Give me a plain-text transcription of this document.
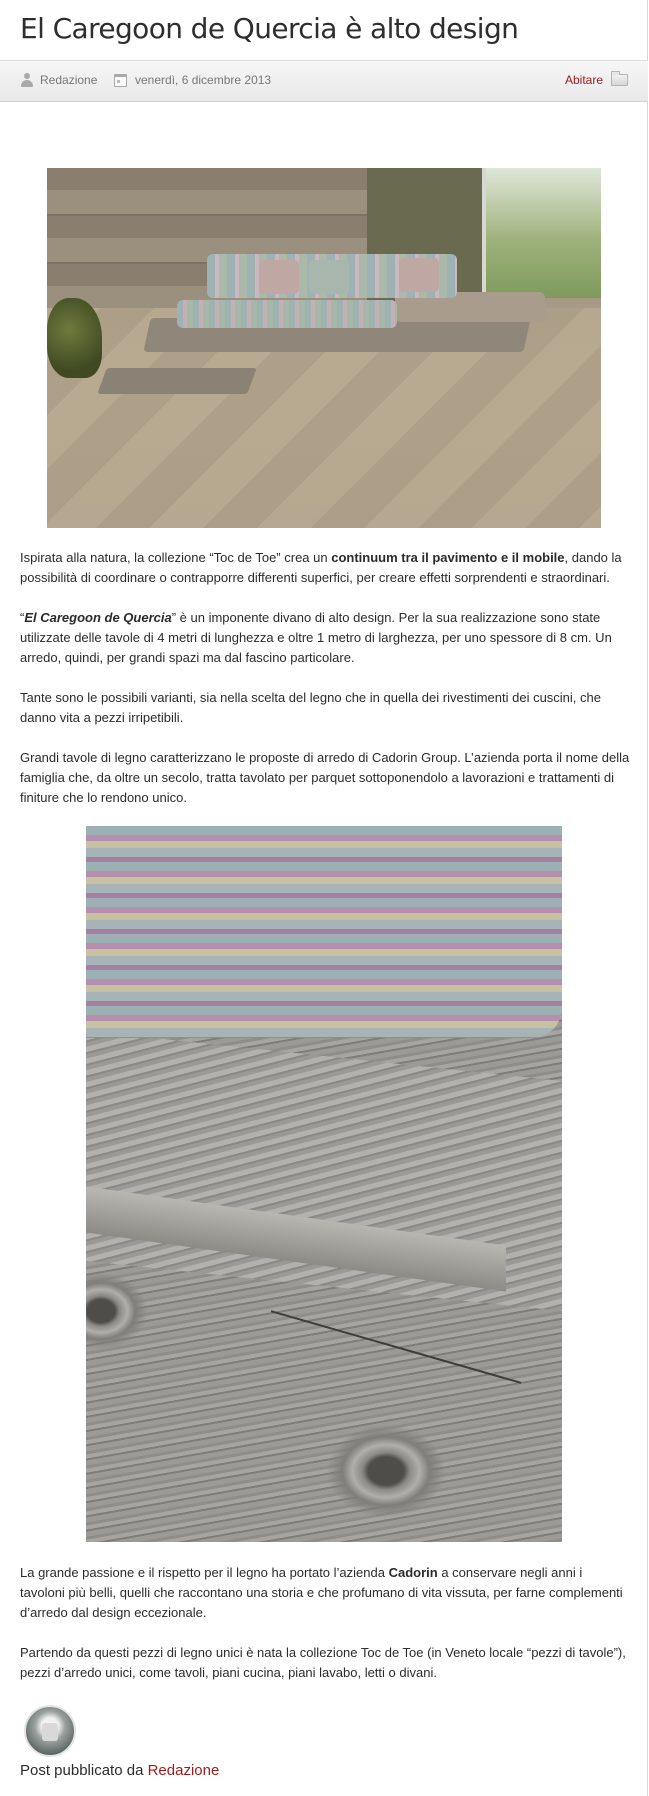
El Caregoon de Quercia è alto design
Redazione	venerdì, 6 dicembre 2013	Abitare

Ispirata alla natura, la collezione “Toc de Toe” crea un continuum tra il pavimento e il mobile, dando la possibilità di coordinare o contrapporre differenti superfici, per creare effetti sorprendenti e straordinari.

“El Caregoon de Quercia” è un imponente divano di alto design. Per la sua realizzazione sono state utilizzate delle tavole di 4 metri di lunghezza e oltre 1 metro di larghezza, per uno spessore di 8 cm. Un arredo, quindi, per grandi spazi ma dal fascino particolare.

Tante sono le possibili varianti, sia nella scelta del legno che in quella dei rivestimenti dei cuscini, che danno vita a pezzi irripetibili.

Grandi tavole di legno caratterizzano le proposte di arredo di Cadorin Group. L’azienda porta il nome della famiglia che, da oltre un secolo, tratta tavolato per parquet sottoponendolo a lavorazioni e trattamenti di finiture che lo rendono unico.

La grande passione e il rispetto per il legno ha portato l’azienda Cadorin a conservare negli anni i tavoloni più belli, quelli che raccontano una storia e che profumano di vita vissuta, per farne complementi d’arredo dal design eccezionale.

Partendo da questi pezzi di legno unici è nata la collezione Toc de Toe (in Veneto locale “pezzi di tavole”), pezzi d’arredo unici, come tavoli, piani cucina, piani lavabo, letti o divani.

Post pubblicato da Redazione
